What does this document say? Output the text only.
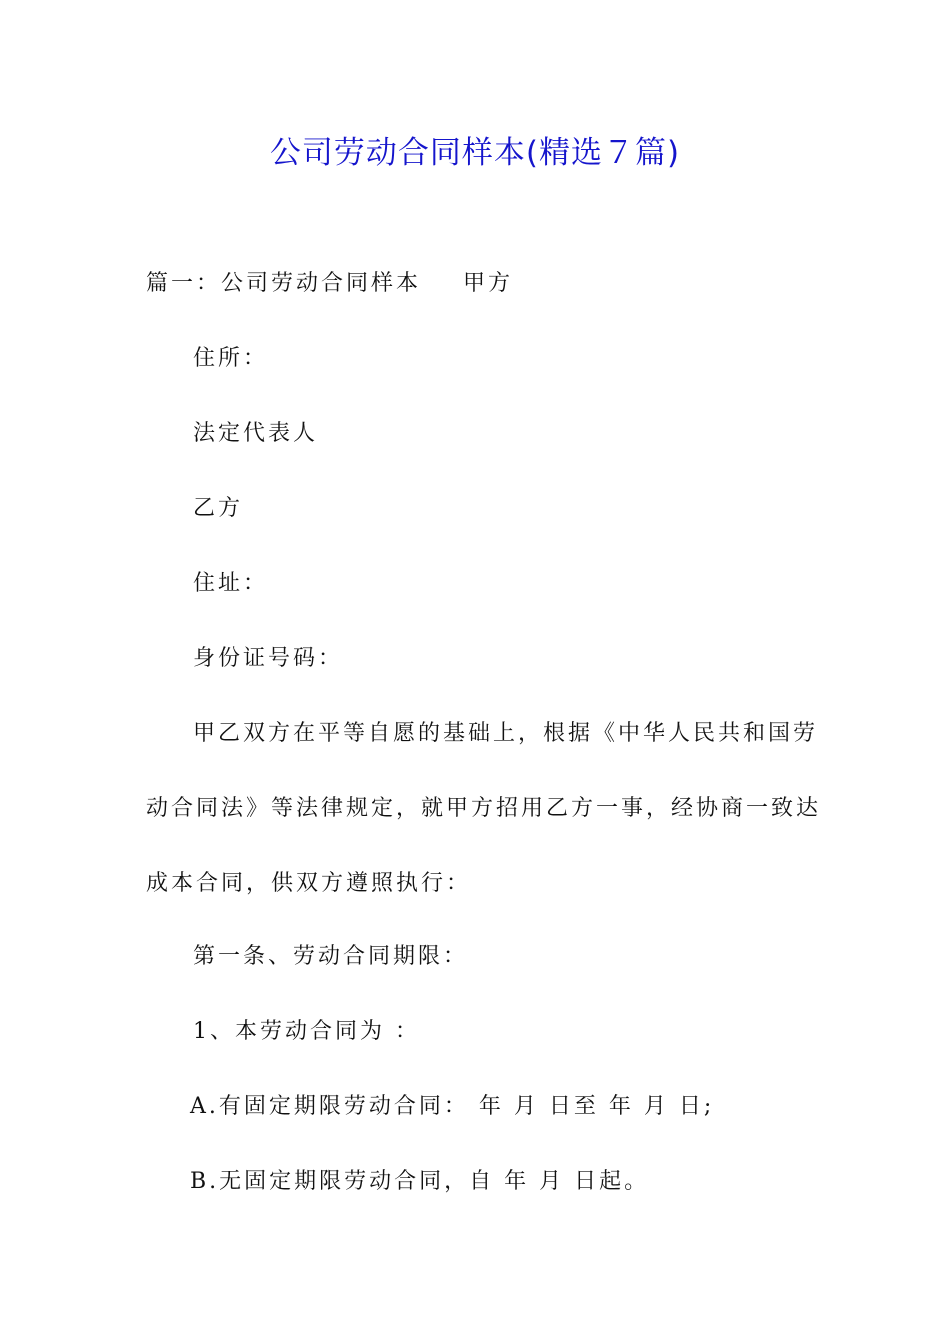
公司劳动合同样本(精选７篇)
篇一：公司劳动合同样本 甲方
住所：
法定代表人
乙方
住址：
身份证号码：
甲乙双方在平等自愿的基础上，根据《中华人民共和国劳
动合同法》等法律规定，就甲方招用乙方一事，经协商一致达
成本合同，供双方遵照执行：
第一条、劳动合同期限：
1、本劳动合同为 ：
A.有固定期限劳动合同： 年 月 日至 年 月 日;
B.无固定期限劳动合同，自 年 月 日起。
